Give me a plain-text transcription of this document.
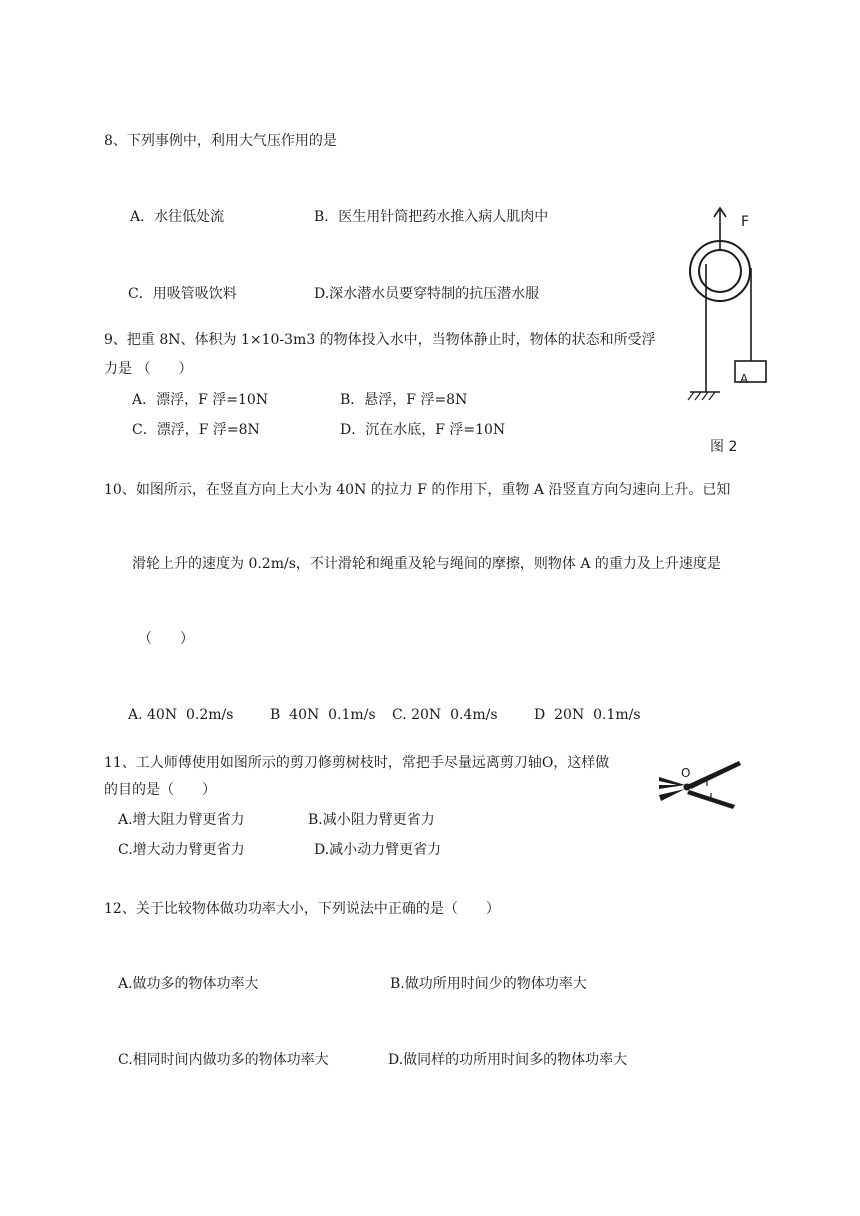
8、下列事例中，利用大气压作用的是
A．水往低处流	B．医生用针筒把药水推入病人肌肉中
C．用吸管吸饮料	D.深水潜水员要穿特制的抗压潜水服
F
A
图 2
9、把重 8N、体积为 1×10-3m3 的物体投入水中，当物体静止时，物体的状态和所受浮
力是 （　　）
A．漂浮，F 浮=10N	B．悬浮，F 浮=8N
C．漂浮，F 浮=8N	D．沉在水底，F 浮=10N
10、如图所示，在竖直方向上大小为 40N 的拉力 F 的作用下，重物 A 沿竖直方向匀速向上升。已知
滑轮上升的速度为 0.2m/s，不计滑轮和绳重及轮与绳间的摩擦，则物体 A 的重力及上升速度是
（　　）
A. 40N  0.2m/s	B  40N  0.1m/s C. 20N  0.4m/s	D  20N  0.1m/s
11、工人师傅使用如图所示的剪刀修剪树枝时，常把手尽量远离剪刀轴O，这样做
的目的是（　　）
A.增大阻力臂更省力	B.减小阻力臂更省力
C.增大动力臂更省力	D.减小动力臂更省力
O
12、关于比较物体做功功率大小，下列说法中正确的是（　　）
A.做功多的物体功率大	B.做功所用时间少的物体功率大
C.相同时间内做功多的物体功率大	D.做同样的功所用时间多的物体功率大
